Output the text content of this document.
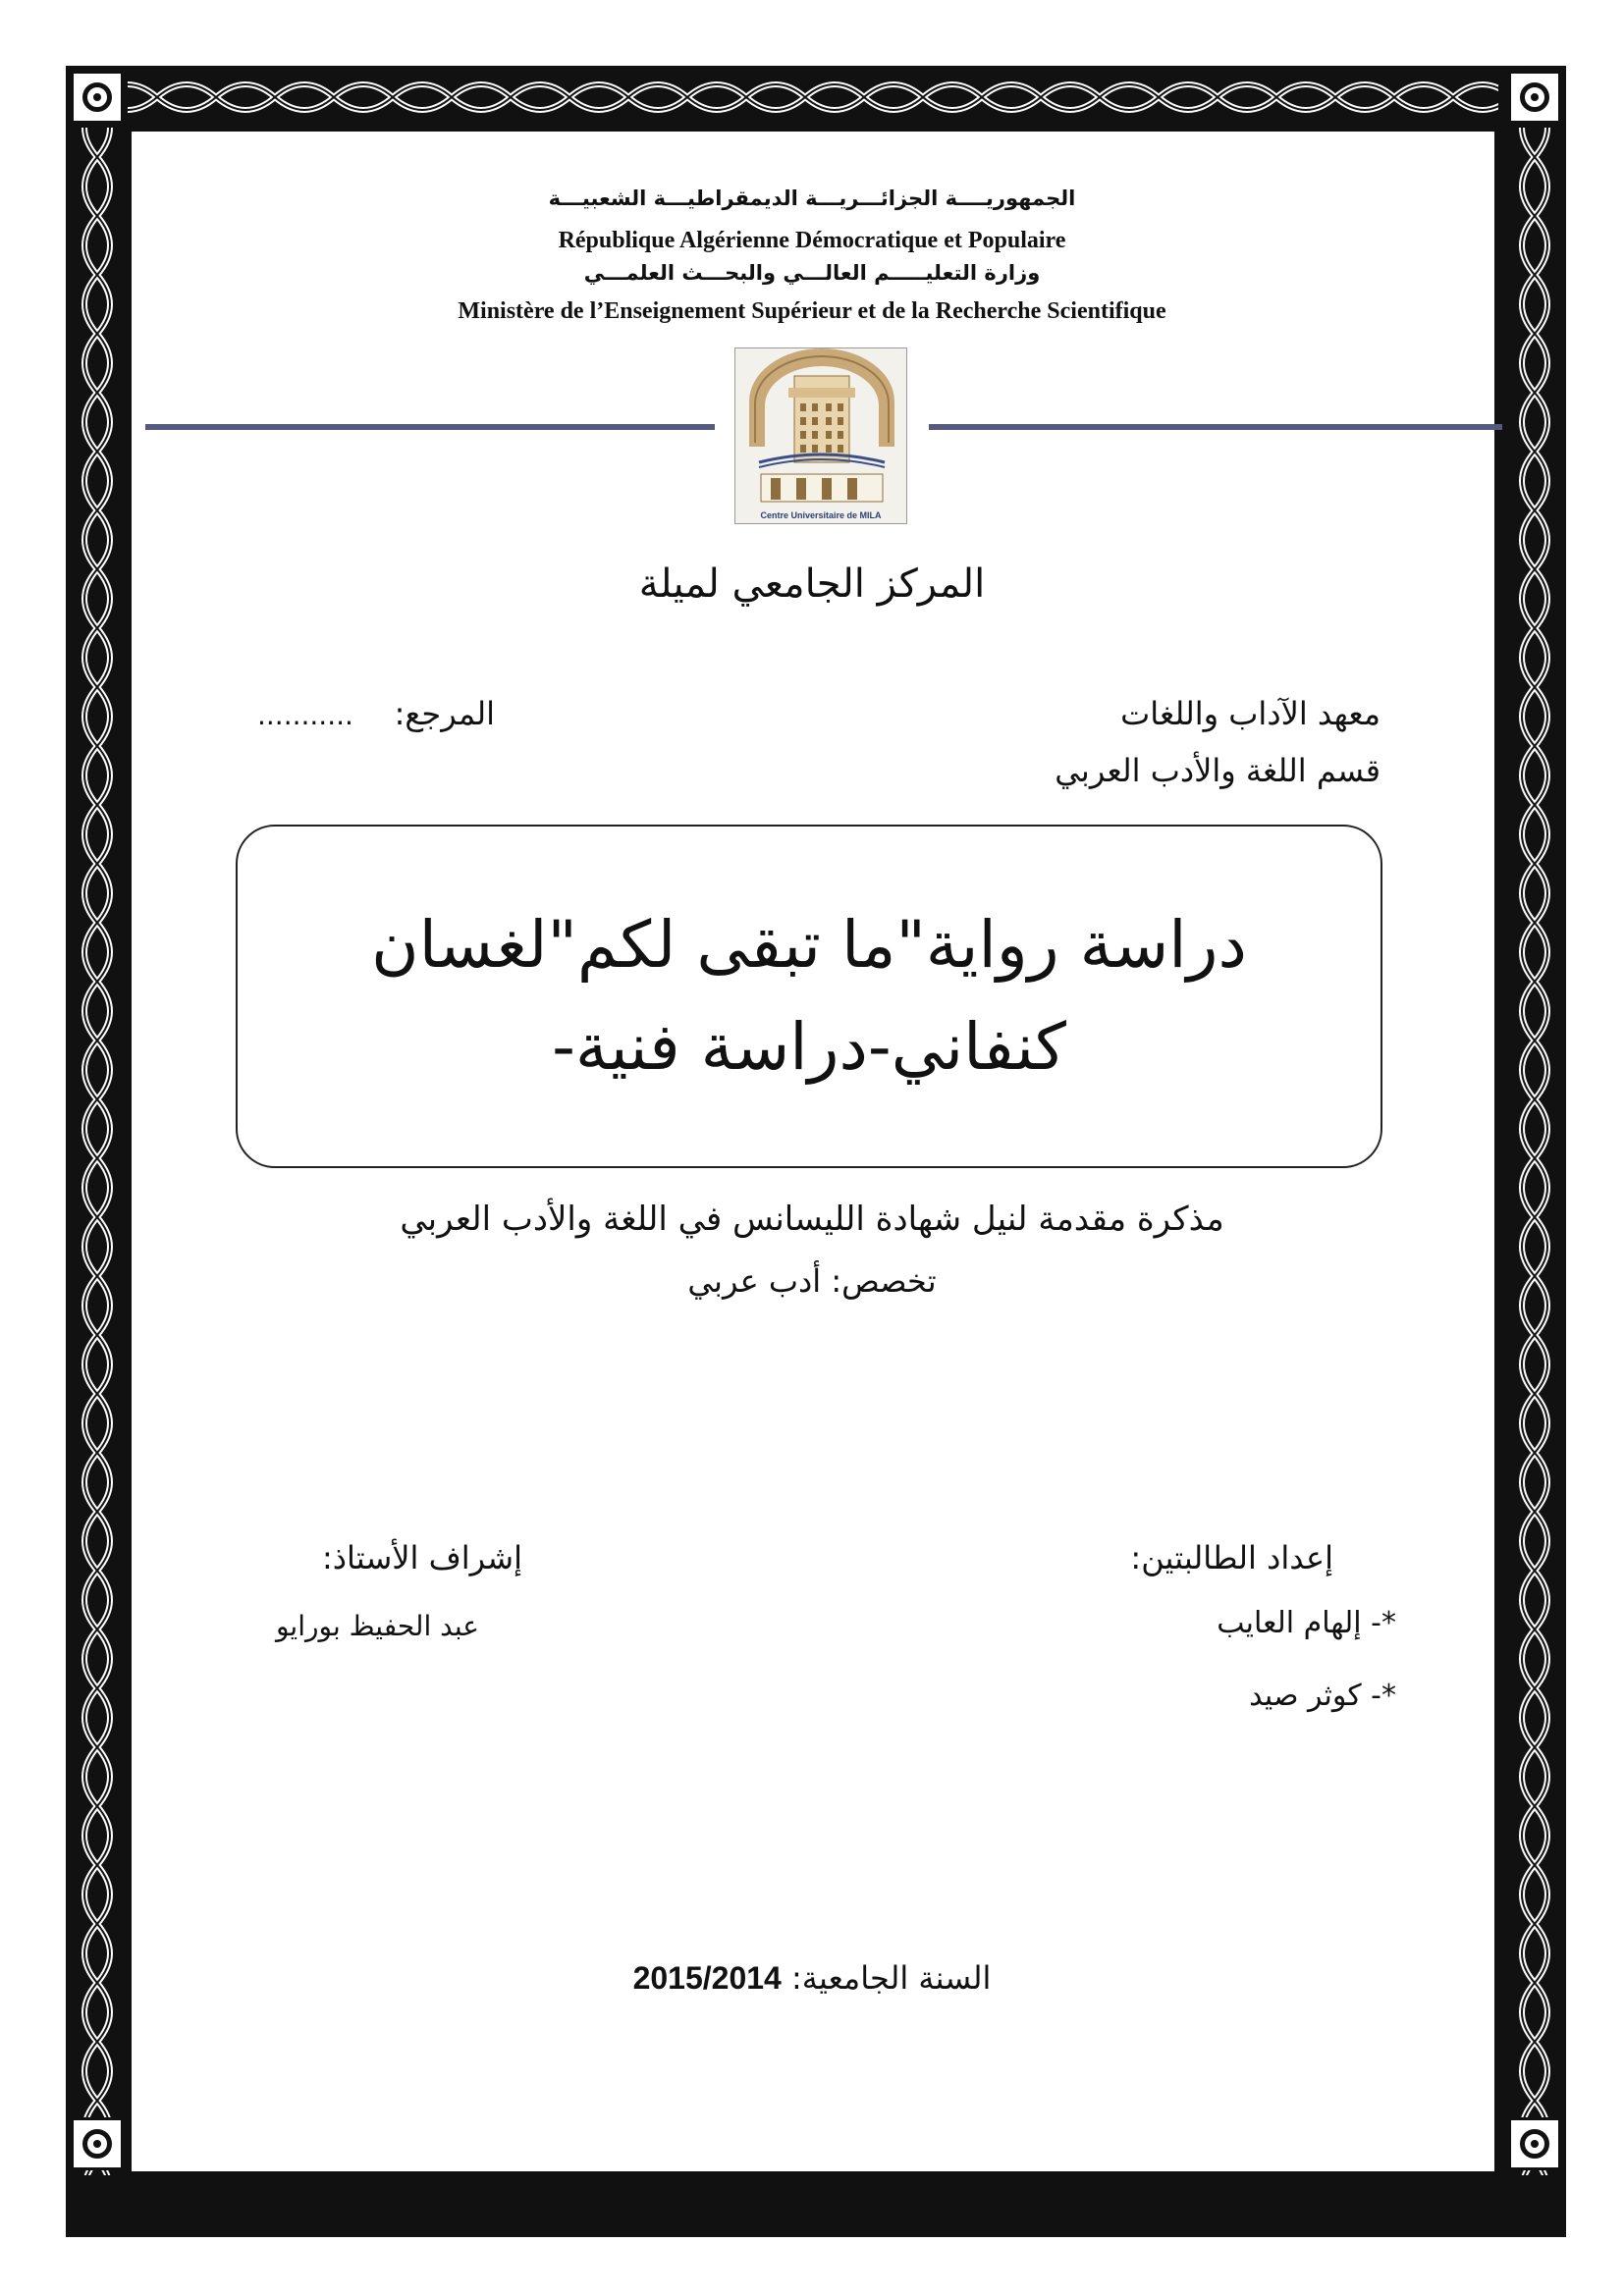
الجمهوريــــة الجزائـــريـــة الديمقراطيـــة الشعبيـــة
République Algérienne Démocratique et Populaire
وزارة التعليـــــم العالـــي والبحـــث العلمـــي
Ministère de l’Enseignement Supérieur et de la Recherche Scientifique
Centre Universitaire de MILA
المركز الجامعي لميلة
معهد الآداب واللغات
قسم اللغة والأدب العربي
المرجع:
...........
دراسة رواية"ما تبقى لكم"لغسان
كنفاني-دراسة فنية-
مذكرة مقدمة لنيل شهادة الليسانس في اللغة والأدب العربي
تخصص: أدب عربي
إعداد الطالبتين:
*- إلهام العايب
*- كوثر صيد
إشراف الأستاذ:
عبد الحفيظ بورايو
السنة الجامعية: 2015/2014
